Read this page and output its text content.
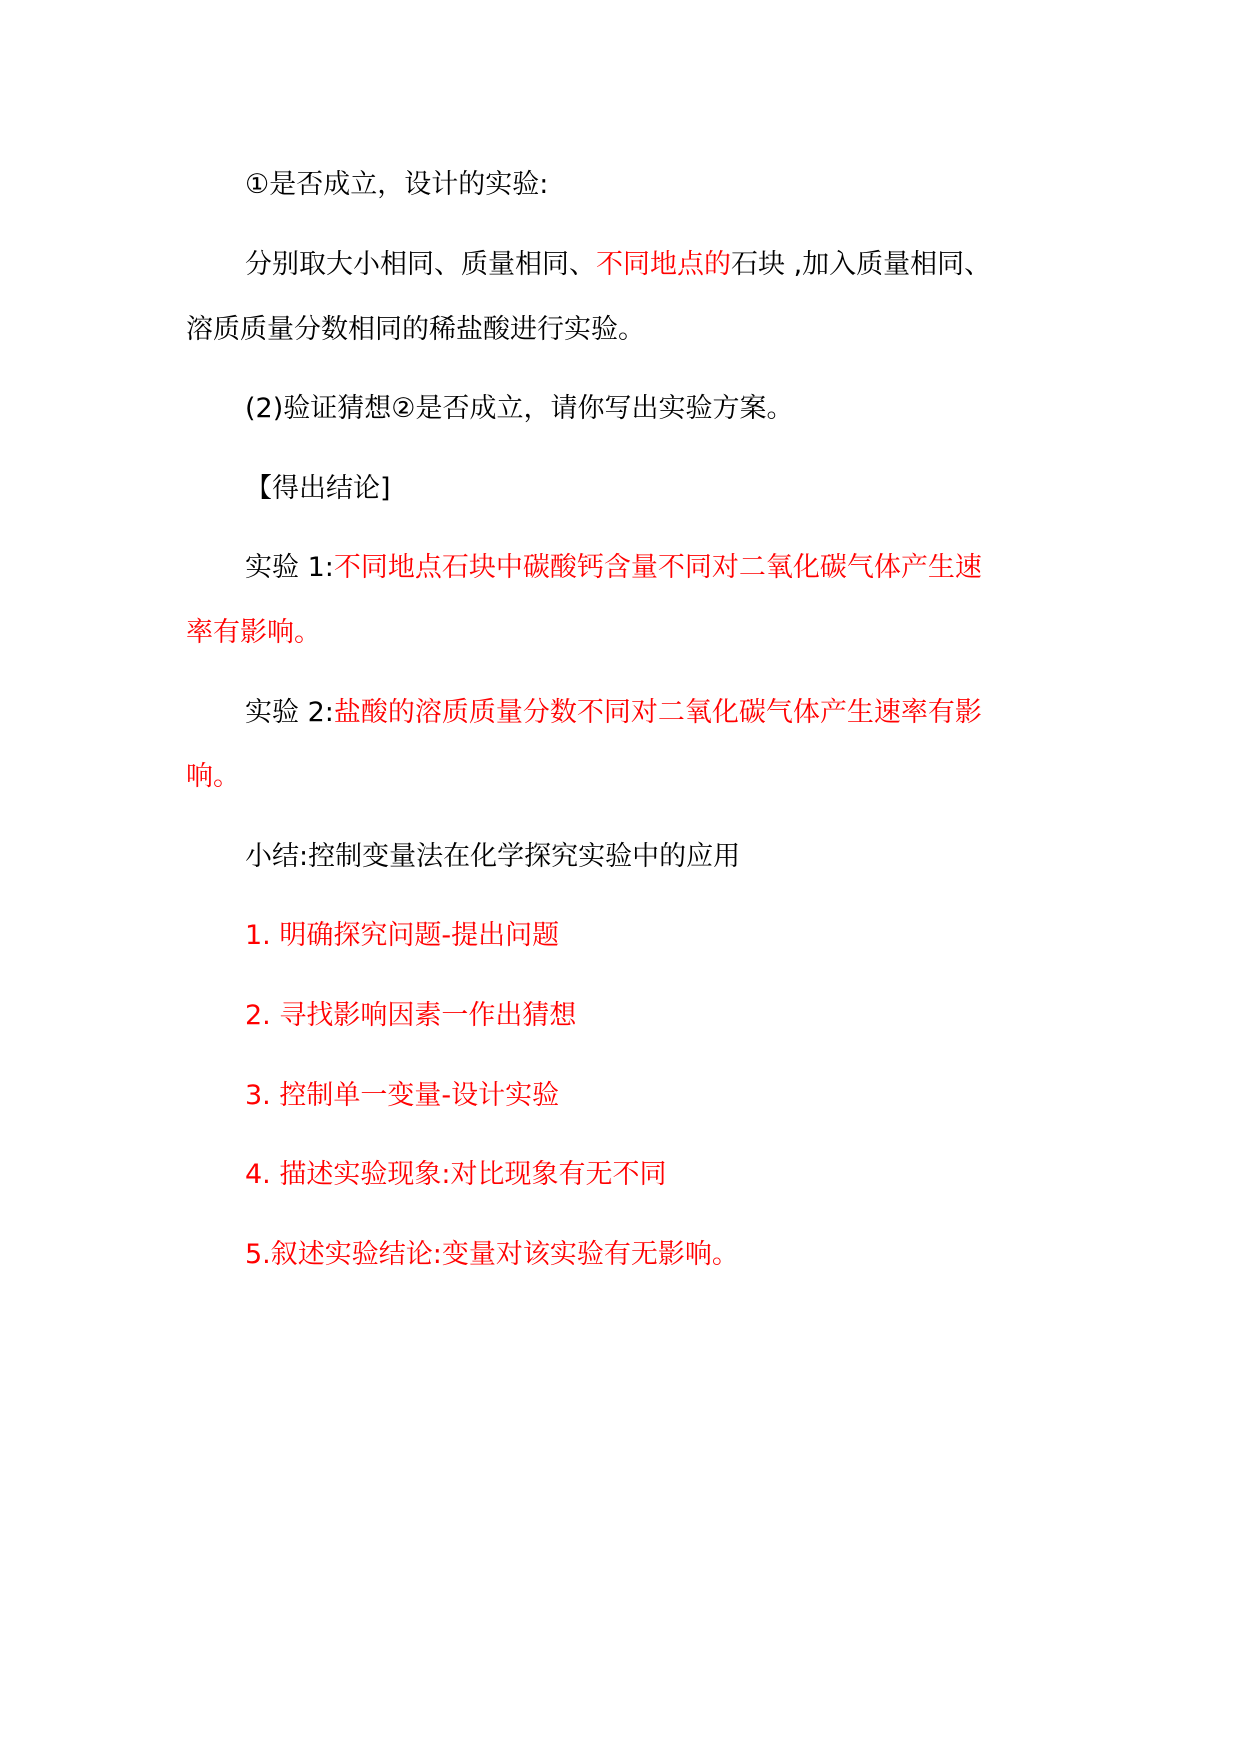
①是否成立，设计的实验:
分别取大小相同、质量相同、不同地点的石块 ,加入质量相同、
溶质质量分数相同的稀盐酸进行实验。
(2)验证猜想②是否成立，请你写出实验方案。
【得出结论]
实验 1:不同地点石块中碳酸钙含量不同对二氧化碳气体产生速
率有影响。
实验 2:盐酸的溶质质量分数不同对二氧化碳气体产生速率有影
响。
小结:控制变量法在化学探究实验中的应用
1. 明确探究问题-提出问题
2. 寻找影响因素一作出猜想
3. 控制单一变量-设计实验
4. 描述实验现象:对比现象有无不同
5.叙述实验结论:变量对该实验有无影响。
